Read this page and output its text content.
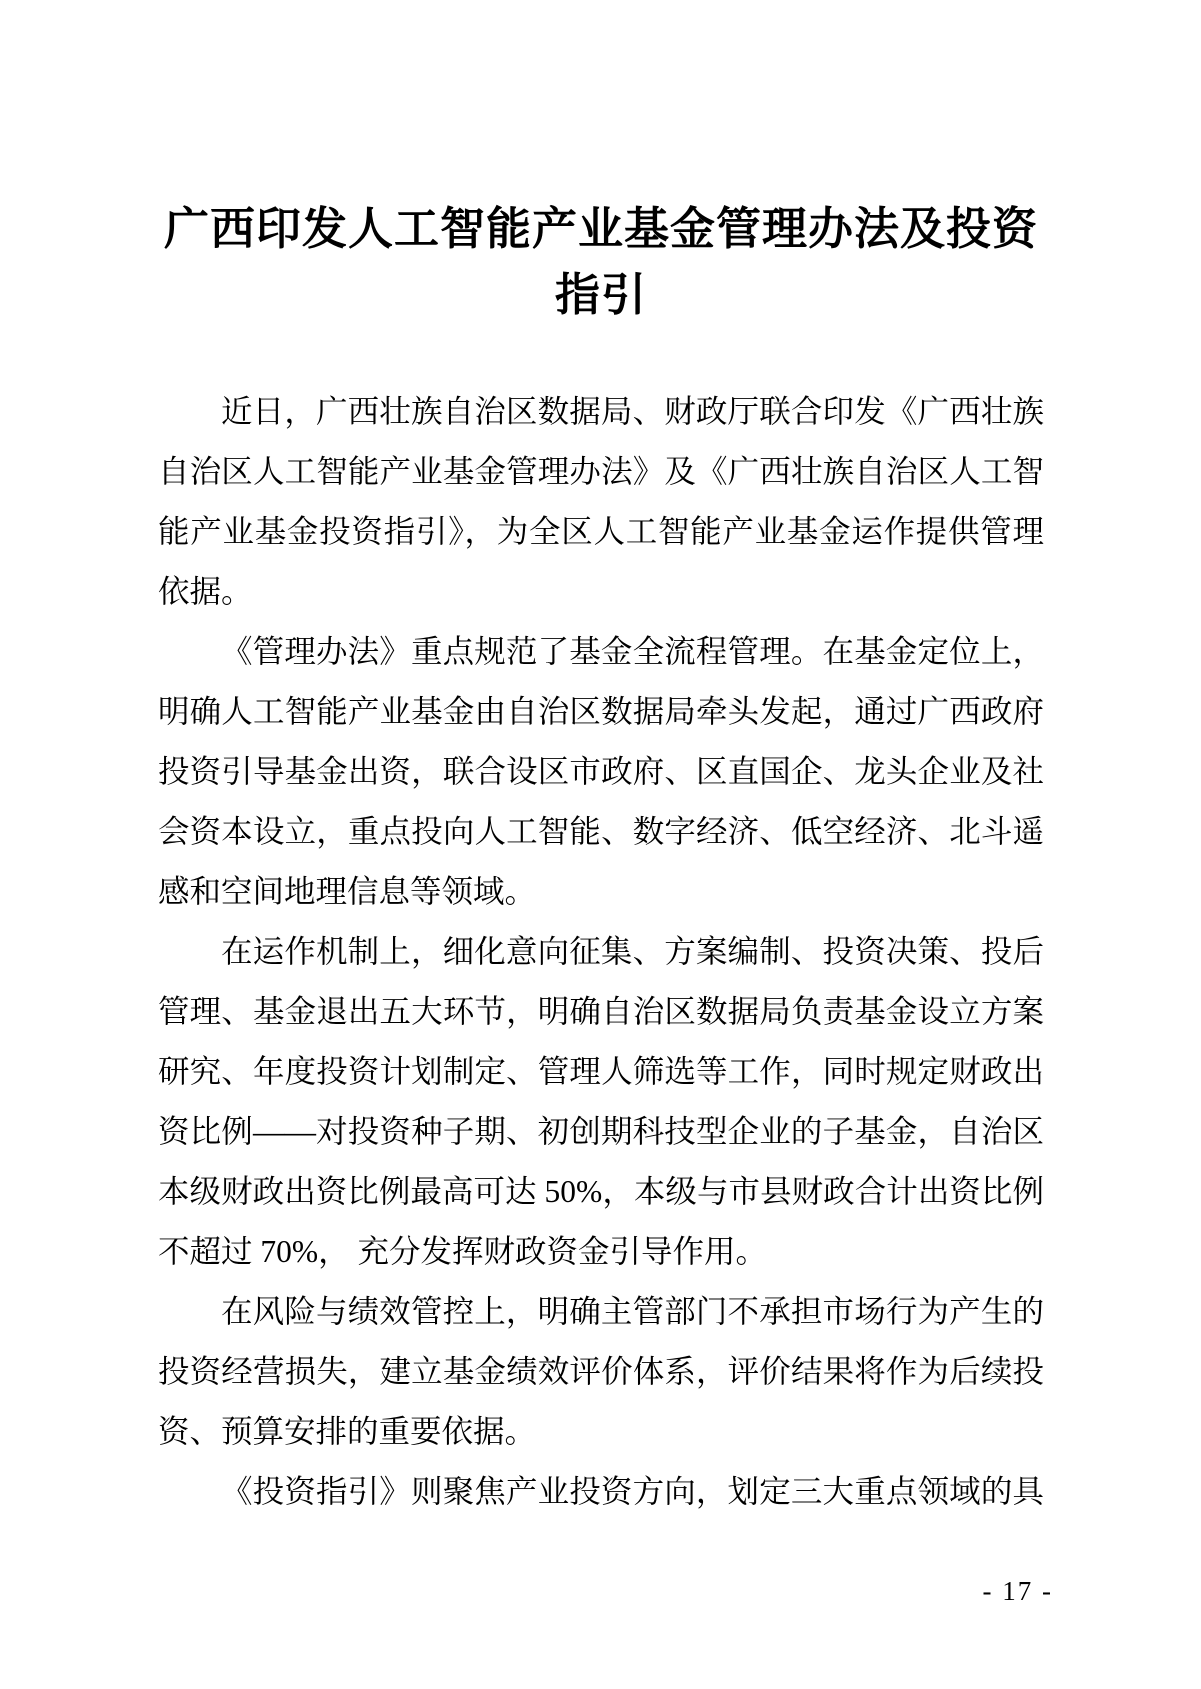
广西印发人工智能产业基金管理办法及投资
指引

近日，广西壮族自治区数据局、财政厅联合印发《广西壮族自治区人工智能产业基金管理办法》及《广西壮族自治区人工智能产业基金投资指引》，为全区人工智能产业基金运作提供管理依据。

《管理办法》重点规范了基金全流程管理。在基金定位上，明确人工智能产业基金由自治区数据局牵头发起，通过广西政府投资引导基金出资，联合设区市政府、区直国企、龙头企业及社会资本设立，重点投向人工智能、数字经济、低空经济、北斗遥感和空间地理信息等领域。

在运作机制上，细化意向征集、方案编制、投资决策、投后管理、基金退出五大环节，明确自治区数据局负责基金设立方案研究、年度投资计划制定、管理人筛选等工作，同时规定财政出资比例——对投资种子期、初创期科技型企业的子基金，自治区本级财政出资比例最高可达 50%，本级与市县财政合计出资比例不超过 70%， 充分发挥财政资金引导作用。

在风险与绩效管控上，明确主管部门不承担市场行为产生的投资经营损失，建立基金绩效评价体系，评价结果将作为后续投资、预算安排的重要依据。

《投资指引》则聚焦产业投资方向，划定三大重点领域的具

- 17 -
